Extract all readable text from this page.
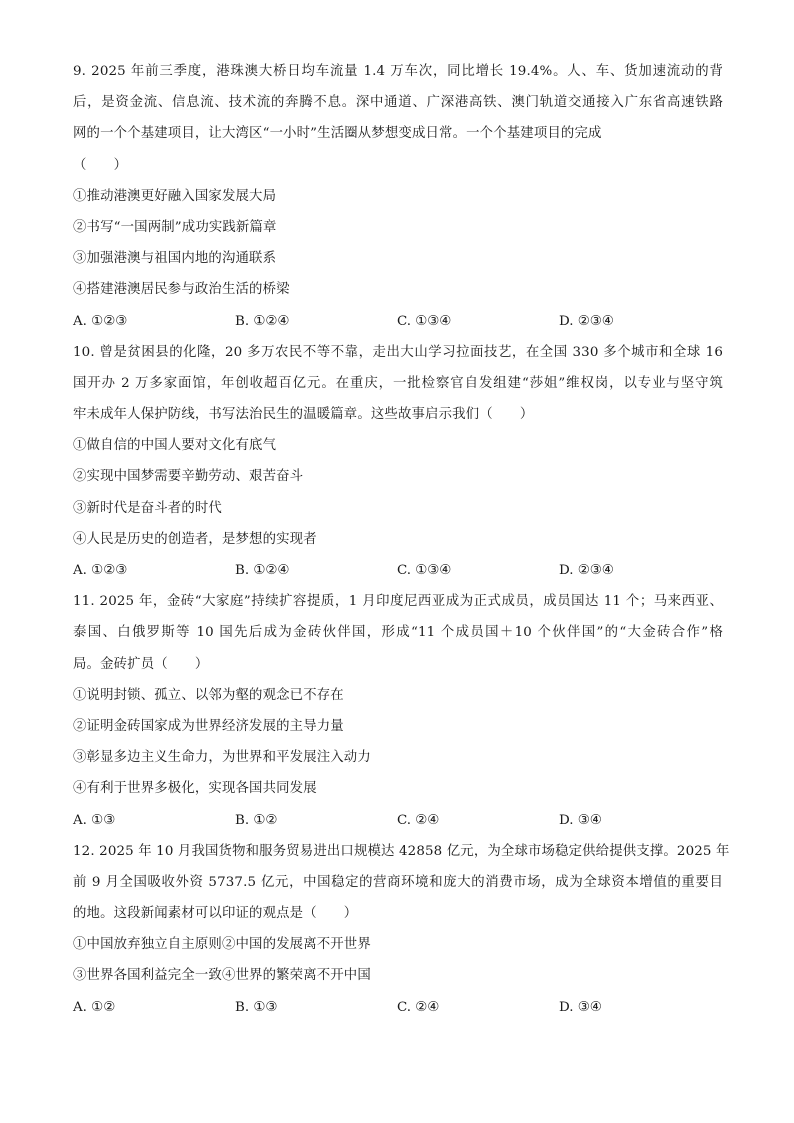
9. 2025 年前三季度，港珠澳大桥日均车流量 1.4 万车次，同比增长 19.4%。人、车、货加速流动的背
后，是资金流、信息流、技术流的奔腾不息。深中通道、广深港高铁、澳门轨道交通接入广东省高速铁路
网的一个个基建项目，让大湾区“一小时”生活圈从梦想变成日常。一个个基建项目的完成
（　　）
①推动港澳更好融入国家发展大局
②书写“一国两制”成功实践新篇章
③加强港澳与祖国内地的沟通联系
④搭建港澳居民参与政治生活的桥梁
A. ①②③	B. ①②④	C. ①③④	D. ②③④
10. 曾是贫困县的化隆，20 多万农民不等不靠，走出大山学习拉面技艺，在全国 330 多个城市和全球 16
国开办 2 万多家面馆，年创收超百亿元。在重庆，一批检察官自发组建“莎姐”维权岗，以专业与坚守筑
牢未成年人保护防线，书写法治民生的温暖篇章。这些故事启示我们（　　）
①做自信的中国人要对文化有底气
②实现中国梦需要辛勤劳动、艰苦奋斗
③新时代是奋斗者的时代
④人民是历史的创造者，是梦想的实现者
A. ①②③	B. ①②④	C. ①③④	D. ②③④
11. 2025 年，金砖“大家庭”持续扩容提质，1 月印度尼西亚成为正式成员，成员国达 11 个；马来西亚、
泰国、白俄罗斯等 10 国先后成为金砖伙伴国，形成“11 个成员国＋10 个伙伴国”的“大金砖合作”格
局。金砖扩员（　　）
①说明封锁、孤立、以邻为壑的观念已不存在
②证明金砖国家成为世界经济发展的主导力量
③彰显多边主义生命力，为世界和平发展注入动力
④有利于世界多极化，实现各国共同发展
A. ①③	B. ①②	C. ②④	D. ③④
12. 2025 年 10 月我国货物和服务贸易进出口规模达 42858 亿元，为全球市场稳定供给提供支撑。2025 年
前 9 月全国吸收外资 5737.5 亿元，中国稳定的营商环境和庞大的消费市场，成为全球资本增值的重要目
的地。这段新闻素材可以印证的观点是（　　）
①中国放弃独立自主原则②中国的发展离不开世界
③世界各国利益完全一致④世界的繁荣离不开中国
A. ①②	B. ①③	C. ②④	D. ③④
